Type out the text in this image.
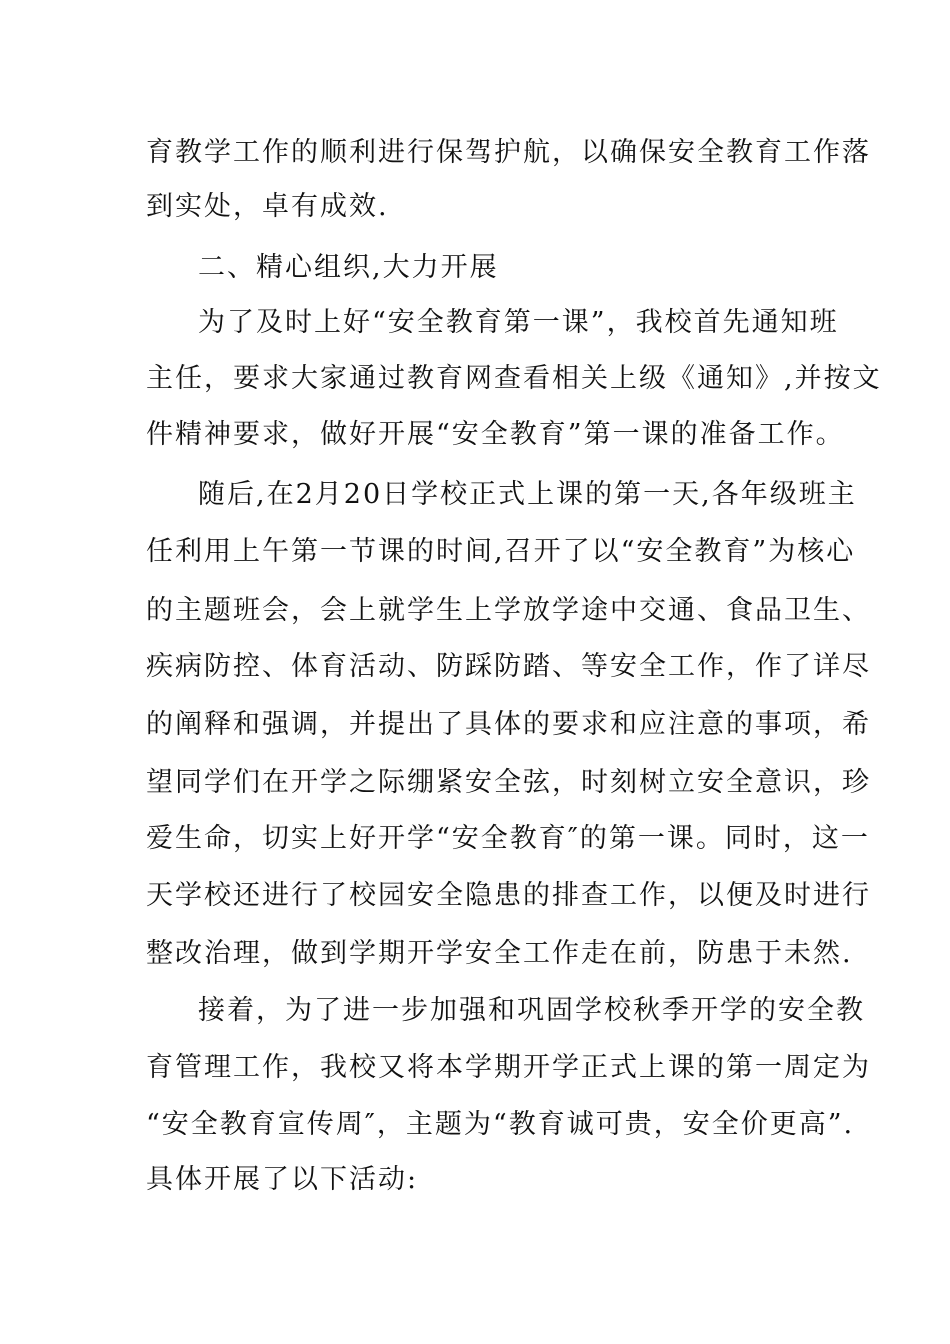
育教学工作的顺利进行保驾护航，以确保安全教育工作落
到实处，卓有成效.
二、精心组织,大力开展
为了及时上好“安全教育第一课”，我校首先通知班
主任，要求大家通过教育网查看相关上级《通知》,并按文
件精神要求，做好开展“安全教育”第一课的准备工作。
随后,在2月20日学校正式上课的第一天,各年级班主
任利用上午第一节课的时间,召开了以“安全教育”为核心
的主题班会，会上就学生上学放学途中交通、食品卫生、
疾病防控、体育活动、防踩防踏、等安全工作，作了详尽
的阐释和强调，并提出了具体的要求和应注意的事项，希
望同学们在开学之际绷紧安全弦，时刻树立安全意识，珍
爱生命，切实上好开学“安全教育″的第一课。同时，这一
天学校还进行了校园安全隐患的排查工作，以便及时进行
整改治理，做到学期开学安全工作走在前，防患于未然.
接着，为了进一步加强和巩固学校秋季开学的安全教
育管理工作，我校又将本学期开学正式上课的第一周定为
“安全教育宣传周″，主题为“教育诚可贵，安全价更高”.
具体开展了以下活动:
